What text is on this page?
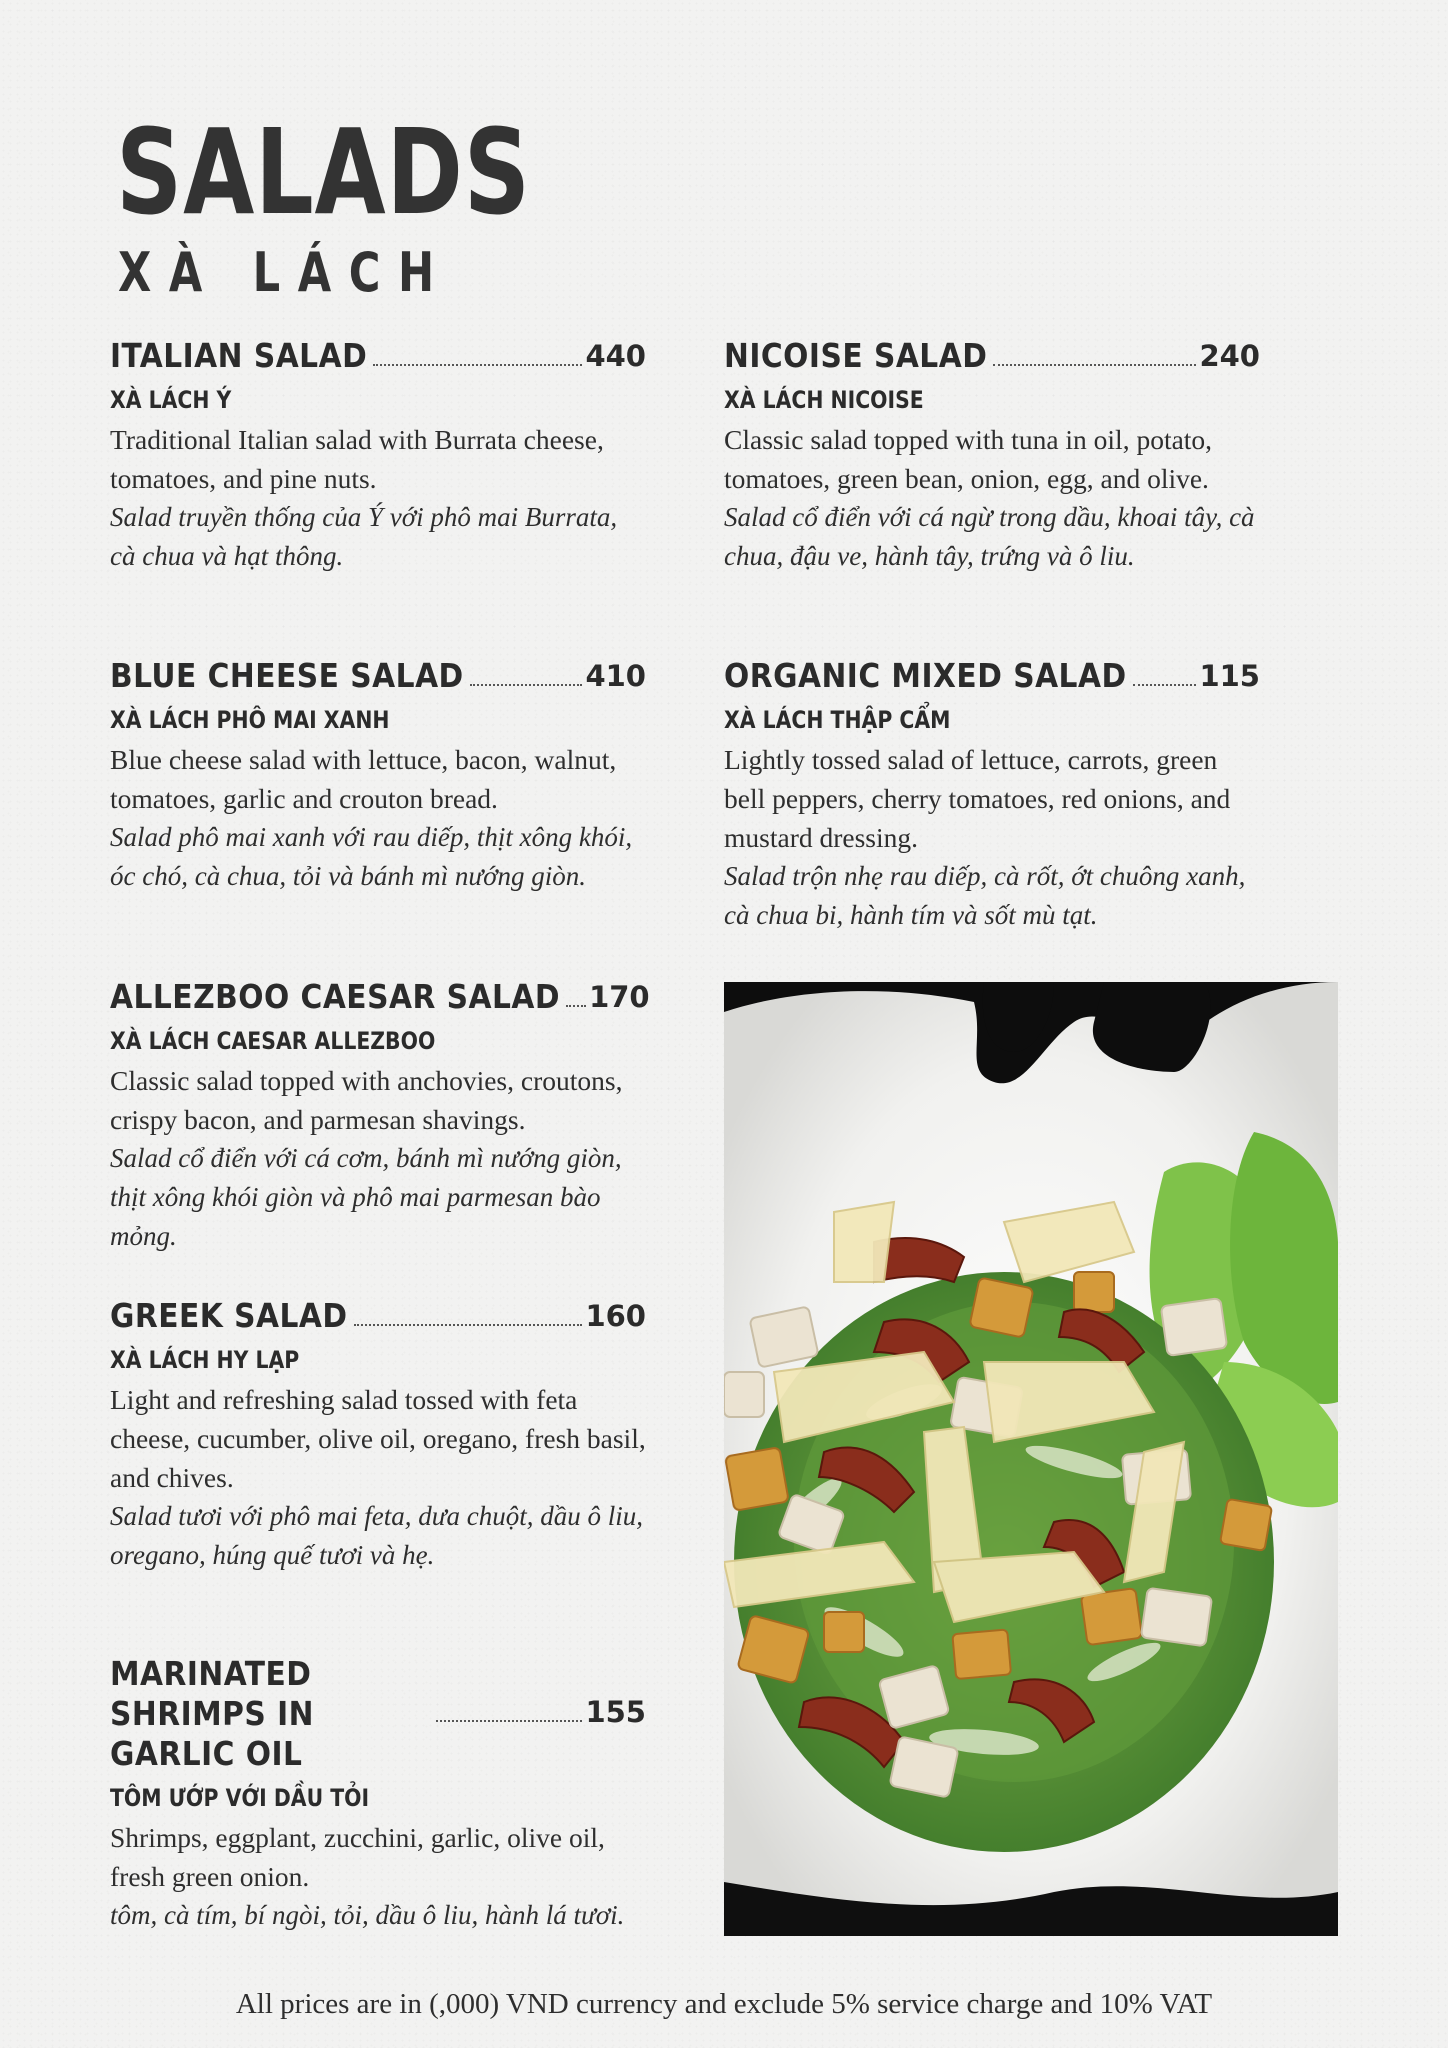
SALADS
XÀ LÁCH
ITALIAN SALAD	440
XÀ LÁCH Ý

Traditional Italian salad with Burrata cheese, tomatoes, and pine nuts.

Salad truyền thống của Ý với phô mai Burrata, cà chua và hạt thông.

BLUE CHEESE SALAD	410
XÀ LÁCH PHÔ MAI XANH

Blue cheese salad with lettuce, bacon, walnut, tomatoes, garlic and crouton bread.

Salad phô mai xanh với rau diếp, thịt xông khói, óc chó, cà chua, tỏi và bánh mì nướng giòn.

ALLEZBOO CAESAR SALAD 170
XÀ LÁCH CAESAR ALLEZBOO

Classic salad topped with anchovies, croutons, crispy bacon, and parmesan shavings.

Salad cổ điển với cá cơm, bánh mì nướng giòn, thịt xông khói giòn và phô mai parmesan bào mỏng.

GREEK SALAD	160
XÀ LÁCH HY LẠP

Light and refreshing salad tossed with feta cheese, cucumber, olive oil, oregano, fresh basil, and chives.

Salad tươi với phô mai feta, dưa chuột, dầu ô liu, oregano, húng quế tươi và hẹ.

MARINATED SHRIMPS IN GARLIC OIL
155
TÔM ƯỚP VỚI DẦU TỎI

Shrimps, eggplant, zucchini, garlic, olive oil, fresh green onion.

tôm, cà tím, bí ngòi, tỏi, dầu ô liu, hành lá tươi.

NICOISE SALAD	240
XÀ LÁCH NICOISE

Classic salad topped with tuna in oil, potato, tomatoes, green bean, onion, egg, and olive.

Salad cổ điển với cá ngừ trong dầu, khoai tây, cà chua, đậu ve, hành tây, trứng và ô liu.

ORGANIC MIXED SALAD	115
XÀ LÁCH THẬP CẨM

Lightly tossed salad of lettuce, carrots, green bell peppers, cherry tomatoes, red onions, and mustard dressing.

Salad trộn nhẹ rau diếp, cà rốt, ớt chuông xanh, cà chua bi, hành tím và sốt mù tạt.

All prices are in (,000) VND currency and exclude 5% service charge and 10% VAT
